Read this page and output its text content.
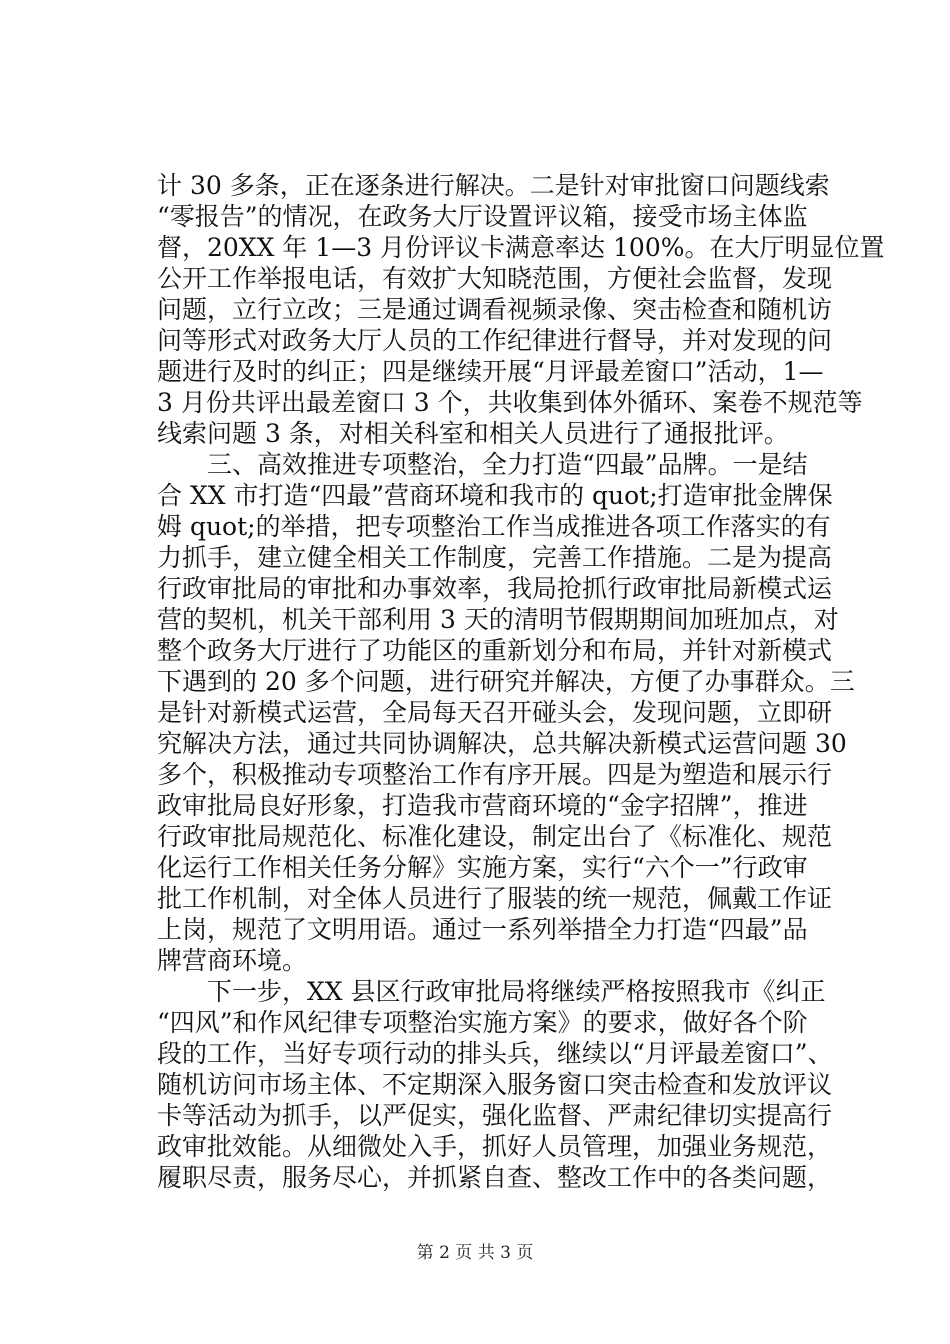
计 30 多条，正在逐条进行解决。二是针对审批窗口问题线索
“零报告”的情况，在政务大厅设置评议箱，接受市场主体监
督，20XX 年 1—3 月份评议卡满意率达 100%。在大厅明显位置
公开工作举报电话，有效扩大知晓范围，方便社会监督，发现
问题，立行立改；三是通过调看视频录像、突击检查和随机访
问等形式对政务大厅人员的工作纪律进行督导，并对发现的问
题进行及时的纠正；四是继续开展“月评最差窗口”活动，1—
3 月份共评出最差窗口 3 个，共收集到体外循环、案卷不规范等
线索问题 3 条，对相关科室和相关人员进行了通报批评。
　　三、高效推进专项整治，全力打造“四最”品牌。一是结
合 XX 市打造“四最”营商环境和我市的 quot;打造审批金牌保
姆 quot;的举措，把专项整治工作当成推进各项工作落实的有
力抓手，建立健全相关工作制度，完善工作措施。二是为提高
行政审批局的审批和办事效率，我局抢抓行政审批局新模式运
营的契机，机关干部利用 3 天的清明节假期期间加班加点，对
整个政务大厅进行了功能区的重新划分和布局，并针对新模式
下遇到的 20 多个问题，进行研究并解决，方便了办事群众。三
是针对新模式运营，全局每天召开碰头会，发现问题，立即研
究解决方法，通过共同协调解决，总共解决新模式运营问题 30
多个，积极推动专项整治工作有序开展。四是为塑造和展示行
政审批局良好形象，打造我市营商环境的“金字招牌”，推进
行政审批局规范化、标准化建设，制定出台了《标准化、规范
化运行工作相关任务分解》实施方案，实行“六个一”行政审
批工作机制，对全体人员进行了服装的统一规范，佩戴工作证
上岗，规范了文明用语。通过一系列举措全力打造“四最”品
牌营商环境。
　　下一步，XX 县区行政审批局将继续严格按照我市《纠正
“四风”和作风纪律专项整治实施方案》的要求，做好各个阶
段的工作，当好专项行动的排头兵，继续以“月评最差窗口”、
随机访问市场主体、不定期深入服务窗口突击检查和发放评议
卡等活动为抓手，以严促实，强化监督、严肃纪律切实提高行
政审批效能。从细微处入手，抓好人员管理，加强业务规范，
履职尽责，服务尽心，并抓紧自查、整改工作中的各类问题，
第 2 页 共 3 页
